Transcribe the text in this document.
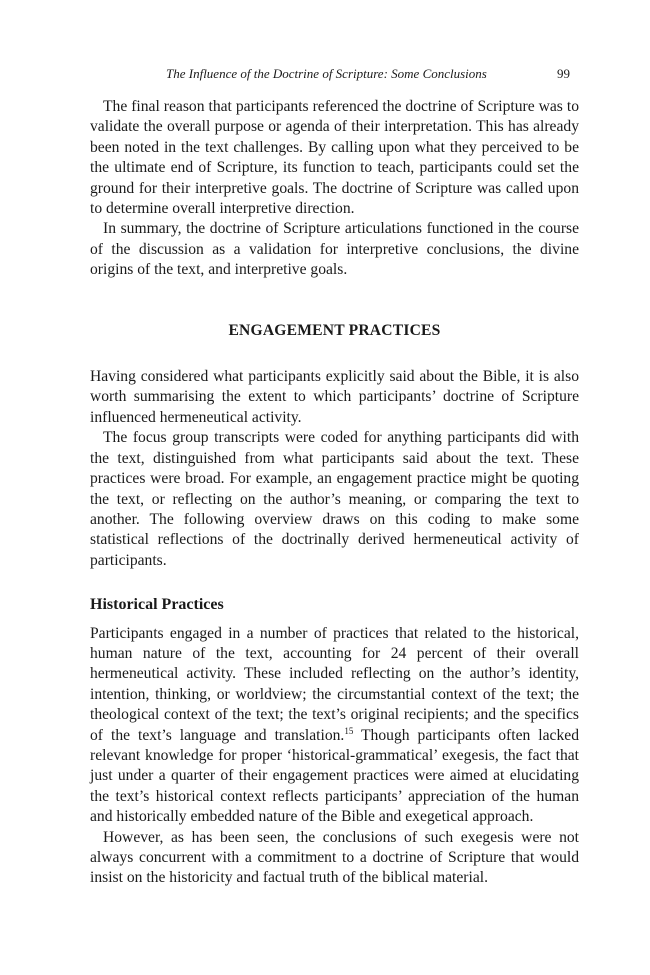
The Influence of the Doctrine of Scripture: Some Conclusions	99

The final reason that participants referenced the doctrine of Scripture was to validate the overall purpose or agenda of their interpretation. This has already been noted in the text challenges. By calling upon what they perceived to be the ultimate end of Scripture, its function to teach, participants could set the ground for their interpretive goals. The doctrine of Scripture was called upon to determine overall interpretive direction.

In summary, the doctrine of Scripture articulations functioned in the course of the discussion as a validation for interpretive conclusions, the divine origins of the text, and interpretive goals.

ENGAGEMENT PRACTICES

Having considered what participants explicitly said about the Bible, it is also worth summarising the extent to which participants’ doctrine of Scripture influenced hermeneutical activity.

The focus group transcripts were coded for anything participants did with the text, distinguished from what participants said about the text. These practices were broad. For example, an engagement practice might be quoting the text, or reflecting on the author’s meaning, or comparing the text to another. The following overview draws on this coding to make some statistical reflections of the doctrinally derived hermeneutical activity of participants.

Historical Practices

Participants engaged in a number of practices that related to the historical, human nature of the text, accounting for 24 percent of their overall hermeneutical activity. These included reflecting on the author’s identity, intention, thinking, or worldview; the circumstantial context of the text; the theological context of the text; the text’s original recipients; and the specifics of the text’s language and translation.$^{15}$ Though participants often lacked relevant knowledge for proper ‘historical-grammatical’ exegesis, the fact that just under a quarter of their engagement practices were aimed at elucidating the text’s historical context reflects participants’ appreciation of the human and historically embedded nature of the Bible and exegetical approach.

However, as has been seen, the conclusions of such exegesis were not always concurrent with a commitment to a doctrine of Scripture that would insist on the historicity and factual truth of the biblical material.
